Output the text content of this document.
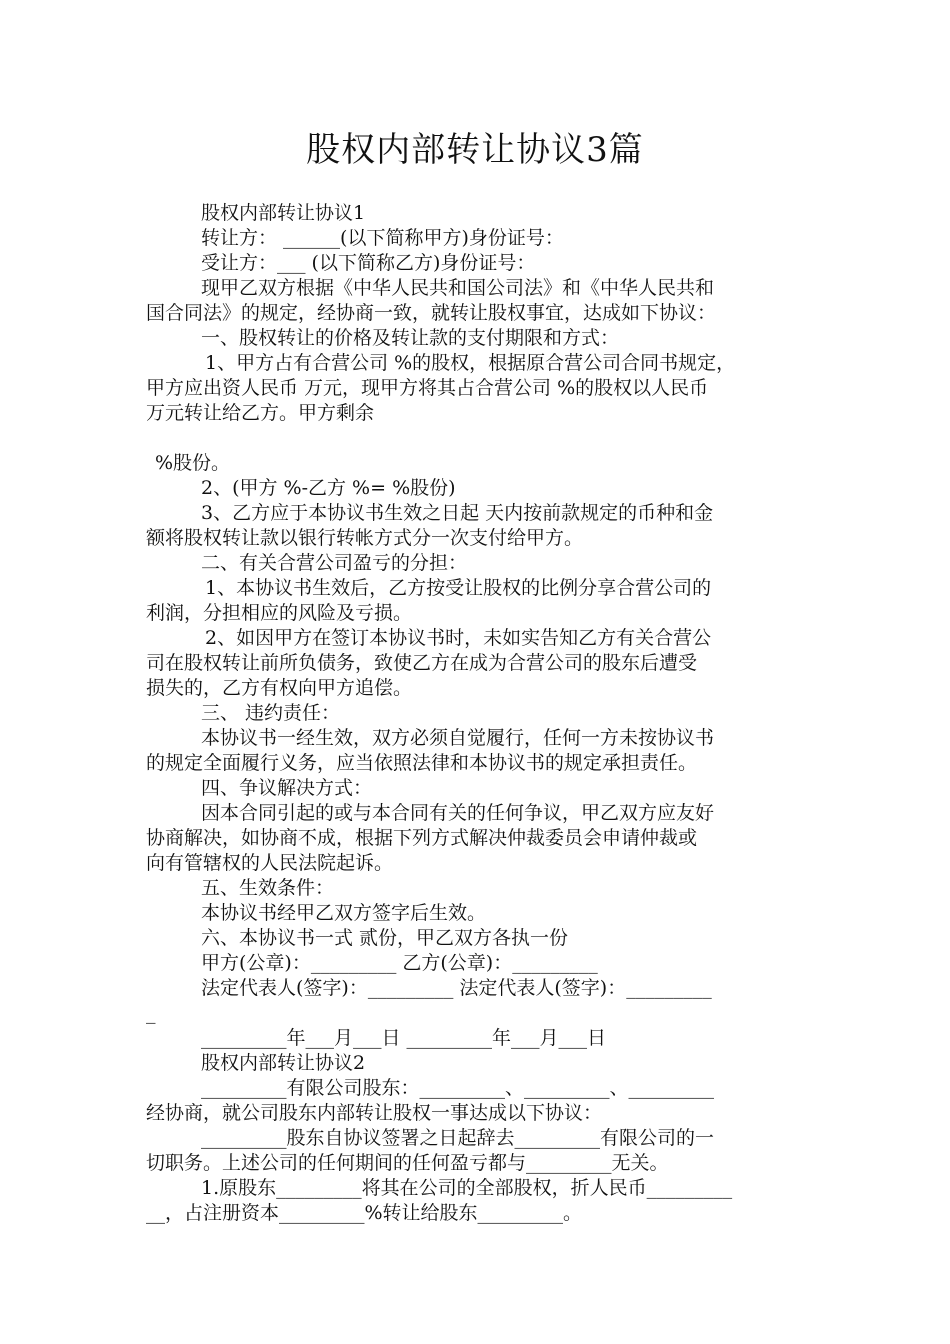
股权内部转让协议3篇
股权内部转让协议1
转让方： ______(以下简称甲方)身份证号：
受让方：___ (以下简称乙方)身份证号：
现甲乙双方根据《中华人民共和国公司法》和《中华人民共和
国合同法》的规定，经协商一致，就转让股权事宜，达成如下协议：
一、股权转让的价格及转让款的支付期限和方式：
1、甲方占有合营公司 %的股权，根据原合营公司合同书规定，
甲方应出资人民币 万元，现甲方将其占合营公司 %的股权以人民币
万元转让给乙方。甲方剩余
%股份。
2、(甲方 %-乙方 %= %股份)
3、乙方应于本协议书生效之日起 天内按前款规定的币种和金
额将股权转让款以银行转帐方式分一次支付给甲方。
二、有关合营公司盈亏的分担：
1、本协议书生效后，乙方按受让股权的比例分享合营公司的
利润，分担相应的风险及亏损。
2、如因甲方在签订本协议书时，未如实告知乙方有关合营公
司在股权转让前所负债务，致使乙方在成为合营公司的股东后遭受
损失的，乙方有权向甲方追偿。
三、 违约责任：
本协议书一经生效，双方必须自觉履行，任何一方未按协议书
的规定全面履行义务，应当依照法律和本协议书的规定承担责任。
四、争议解决方式：
因本合同引起的或与本合同有关的任何争议，甲乙双方应友好
协商解决，如协商不成，根据下列方式解决仲裁委员会申请仲裁或
向有管辖权的人民法院起诉。
五、生效条件：
本协议书经甲乙双方签字后生效。
六、本协议书一式 贰份，甲乙双方各执一份
甲方(公章)：_________ 乙方(公章)：_________
法定代表人(签字)：_________ 法定代表人(签字)：_________
_
_________年___月___日 _________年___月___日
股权内部转让协议2
_________有限公司股东：_________、_________、_________
经协商，就公司股东内部转让股权一事达成以下协议：
_________股东自协议签署之日起辞去_________有限公司的一
切职务。上述公司的任何期间的任何盈亏都与_________无关。
1.原股东_________将其在公司的全部股权，折人民币_________
__，占注册资本_________%转让给股东_________。
